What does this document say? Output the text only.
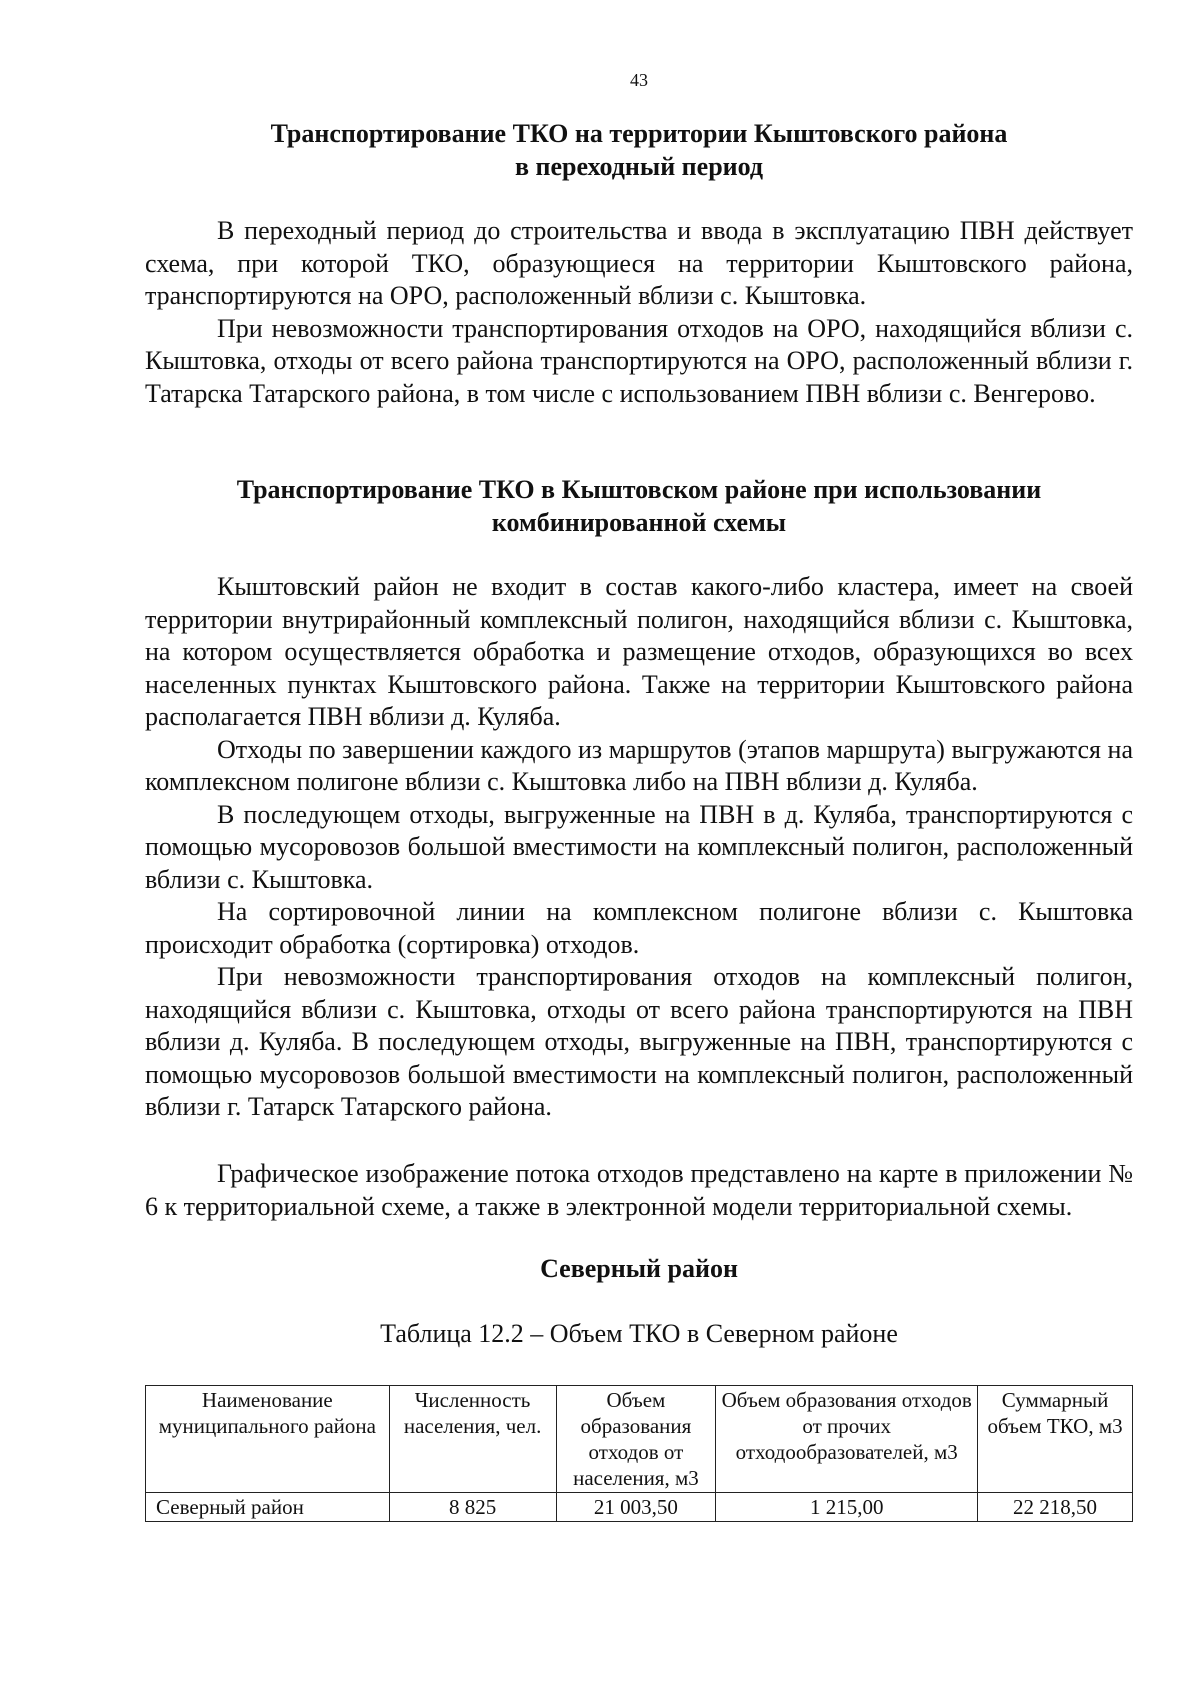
43
Транспортирование ТКО на территории Кыштовского района
в переходный период

В переходный период до строительства и ввода в эксплуатацию ПВН действует схема, при которой ТКО, образующиеся на территории Кыштовского района, транспортируются на ОРО, расположенный вблизи с. Кыштовка.

При невозможности транспортирования отходов на ОРО, находящийся вблизи с. Кыштовка, отходы от всего района транспортируются на ОРО, расположенный вблизи г. Татарска Татарского района, в том числе с использованием ПВН вблизи с. Венгерово.

Транспортирование ТКО в Кыштовском районе при использовании
комбинированной схемы

Кыштовский район не входит в состав какого-либо кластера, имеет на своей территории внутрирайонный комплексный полигон, находящийся вблизи с. Кыштовка, на котором осуществляется обработка и размещение отходов, образующихся во всех населенных пунктах Кыштовского района. Также на территории Кыштовского района располагается ПВН вблизи д. Куляба.

Отходы по завершении каждого из маршрутов (этапов маршрута) выгружаются на комплексном полигоне вблизи с. Кыштовка либо на ПВН вблизи д. Куляба.

В последующем отходы, выгруженные на ПВН в д. Куляба, транспортируются с помощью мусоровозов большой вместимости на комплексный полигон, расположенный вблизи с. Кыштовка.

На сортировочной линии на комплексном полигоне вблизи с. Кыштовка происходит обработка (сортировка) отходов.

При невозможности транспортирования отходов на комплексный полигон, находящийся вблизи с. Кыштовка, отходы от всего района транспортируются на ПВН вблизи д. Куляба. В последующем отходы, выгруженные на ПВН, транспортируются с помощью мусоровозов большой вместимости на комплексный полигон, расположенный вблизи г. Татарск Татарского района.

Графическое изображение потока отходов представлено на карте в приложении № 6 к территориальной схеме, а также в электронной модели территориальной схемы.

Северный район
Таблица 12.2 – Объем ТКО в Северном районе
Наименование муниципального района	Численность населения, чел.	Объем образования отходов от населения, м3	Объем образования отходов от прочих отходообразователей, м3	Суммарный объем ТКО, м3
Северный район	8 825	21 003,50	1 215,00	22 218,50
